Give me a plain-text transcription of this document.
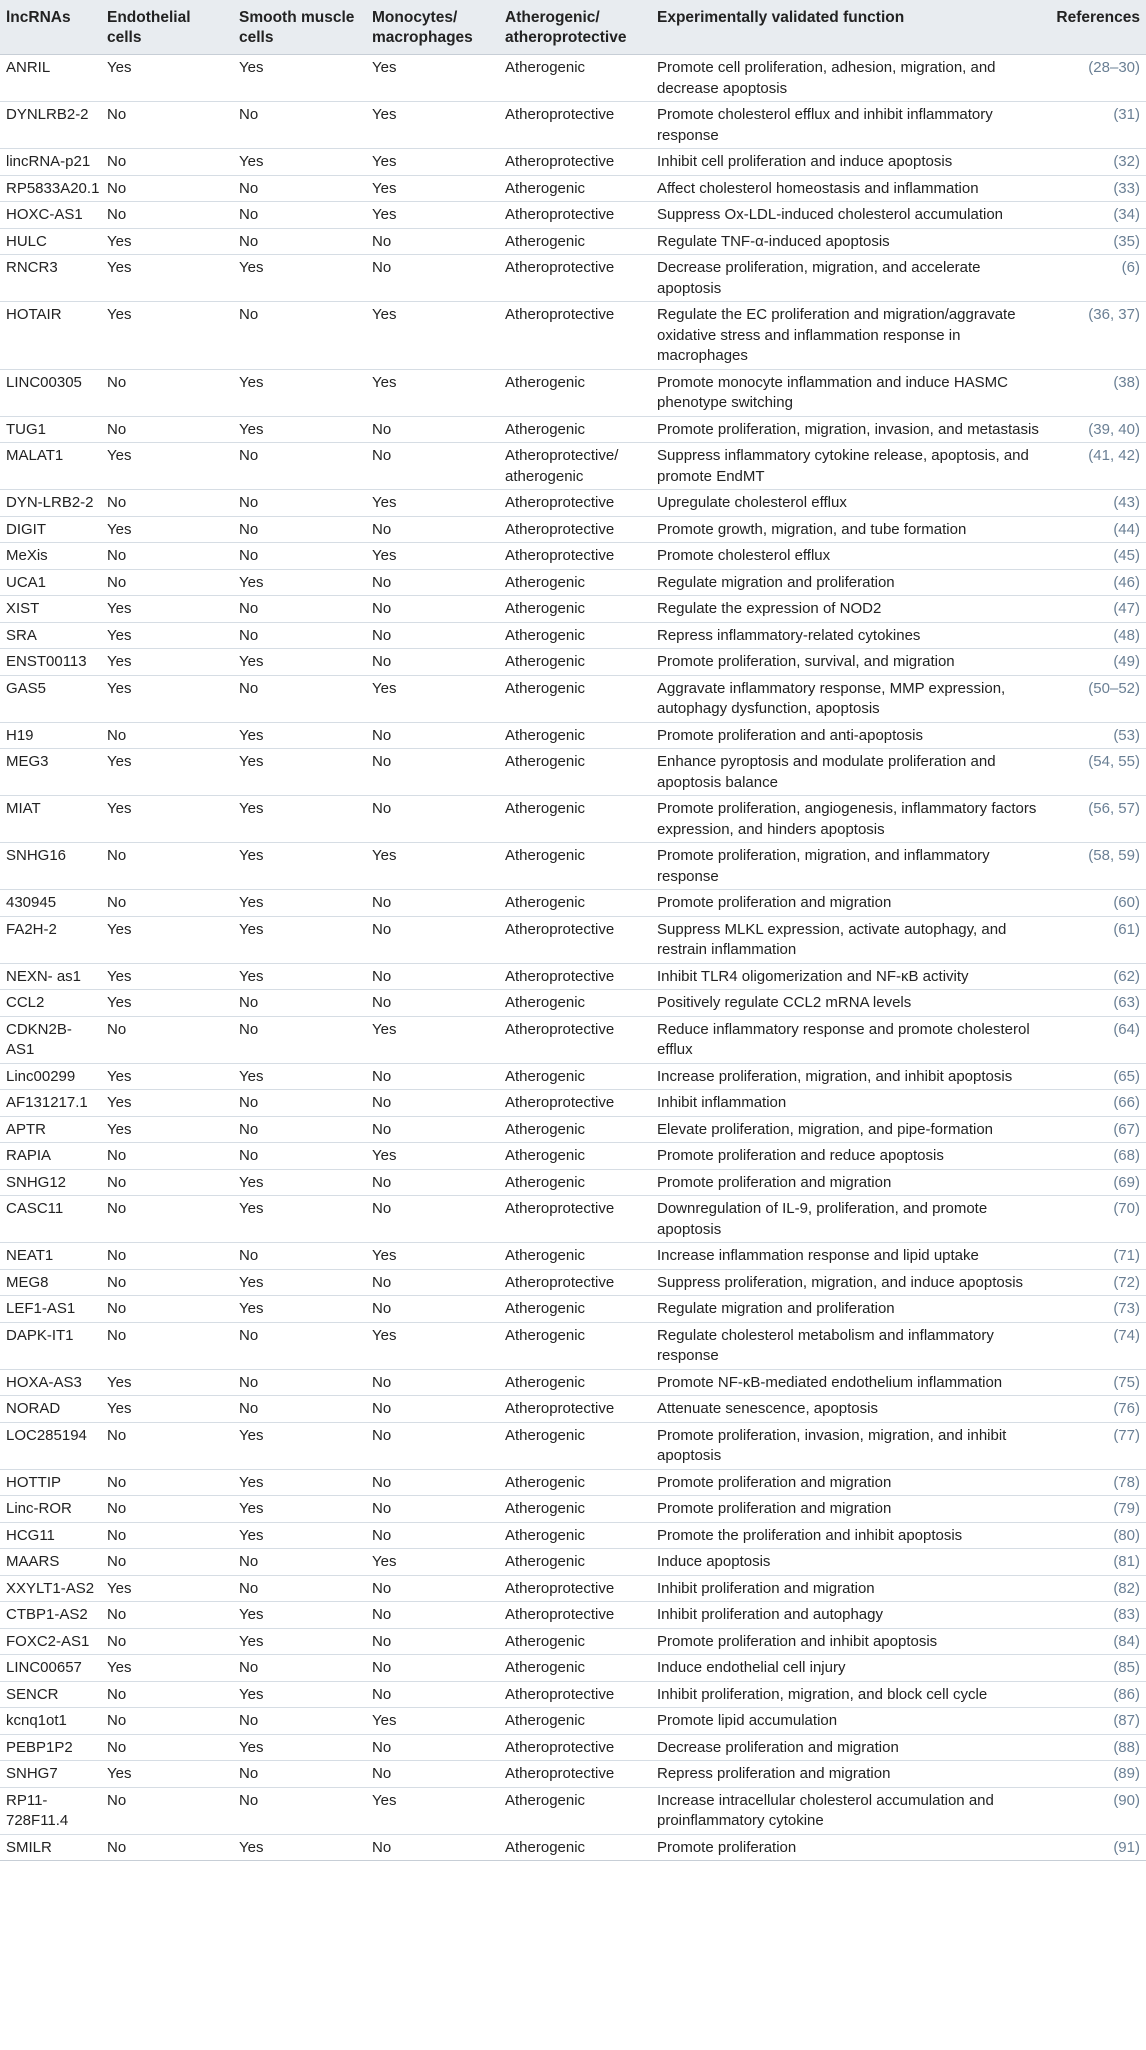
lncRNAs	Endothelial cells	Smooth muscle cells	Monocytes/ macrophages	Atherogenic/ atheroprotective	Experimentally validated function	References
ANRIL	Yes	Yes	Yes	Atherogenic	Promote cell proliferation, adhesion, migration, and decrease apoptosis	(28–30)
DYNLRB2-2	No	No	Yes	Atheroprotective	Promote cholesterol efflux and inhibit inflammatory response	(31)
lincRNA-p21	No	Yes	Yes	Atheroprotective	Inhibit cell proliferation and induce apoptosis	(32)
RP5833A20.1	No	No	Yes	Atherogenic	Affect cholesterol homeostasis and inflammation	(33)
HOXC-AS1	No	No	Yes	Atheroprotective	Suppress Ox-LDL-induced cholesterol accumulation	(34)
HULC	Yes	No	No	Atherogenic	Regulate TNF-α-induced apoptosis	(35)
RNCR3	Yes	Yes	No	Atheroprotective	Decrease proliferation, migration, and accelerate apoptosis	(6)
HOTAIR	Yes	No	Yes	Atheroprotective	Regulate the EC proliferation and migration/aggravate oxidative stress and inflammation response in macrophages	(36, 37)
LINC00305	No	Yes	Yes	Atherogenic	Promote monocyte inflammation and induce HASMC phenotype switching	(38)
TUG1	No	Yes	No	Atherogenic	Promote proliferation, migration, invasion, and metastasis	(39, 40)
MALAT1	Yes	No	No	Atheroprotective/ atherogenic	Suppress inflammatory cytokine release, apoptosis, and promote EndMT	(41, 42)
DYN-LRB2-2	No	No	Yes	Atheroprotective	Upregulate cholesterol efflux	(43)
DIGIT	Yes	No	No	Atheroprotective	Promote growth, migration, and tube formation	(44)
MeXis	No	No	Yes	Atheroprotective	Promote cholesterol efflux	(45)
UCA1	No	Yes	No	Atherogenic	Regulate migration and proliferation	(46)
XIST	Yes	No	No	Atherogenic	Regulate the expression of NOD2	(47)
SRA	Yes	No	No	Atherogenic	Repress inflammatory-related cytokines	(48)
ENST00113	Yes	Yes	No	Atherogenic	Promote proliferation, survival, and migration	(49)
GAS5	Yes	No	Yes	Atherogenic	Aggravate inflammatory response, MMP expression, autophagy dysfunction, apoptosis	(50–52)
H19	No	Yes	No	Atherogenic	Promote proliferation and anti-apoptosis	(53)
MEG3	Yes	Yes	No	Atherogenic	Enhance pyroptosis and modulate proliferation and apoptosis balance	(54, 55)
MIAT	Yes	Yes	No	Atherogenic	Promote proliferation, angiogenesis, inflammatory factors expression, and hinders apoptosis	(56, 57)
SNHG16	No	Yes	Yes	Atherogenic	Promote proliferation, migration, and inflammatory response	(58, 59)
430945	No	Yes	No	Atherogenic	Promote proliferation and migration	(60)
FA2H-2	Yes	Yes	No	Atheroprotective	Suppress MLKL expression, activate autophagy, and restrain inflammation	(61)
NEXN- as1	Yes	Yes	No	Atheroprotective	Inhibit TLR4 oligomerization and NF-κB activity	(62)
CCL2	Yes	No	No	Atherogenic	Positively regulate CCL2 mRNA levels	(63)
CDKN2B-AS1	No	No	Yes	Atheroprotective	Reduce inflammatory response and promote cholesterol efflux	(64)
Linc00299	Yes	Yes	No	Atherogenic	Increase proliferation, migration, and inhibit apoptosis	(65)
AF131217.1	Yes	No	No	Atheroprotective	Inhibit inflammation	(66)
APTR	Yes	No	No	Atherogenic	Elevate proliferation, migration, and pipe-formation	(67)
RAPIA	No	No	Yes	Atherogenic	Promote proliferation and reduce apoptosis	(68)
SNHG12	No	Yes	No	Atherogenic	Promote proliferation and migration	(69)
CASC11	No	Yes	No	Atheroprotective	Downregulation of IL-9, proliferation, and promote apoptosis	(70)
NEAT1	No	No	Yes	Atherogenic	Increase inflammation response and lipid uptake	(71)
MEG8	No	Yes	No	Atheroprotective	Suppress proliferation, migration, and induce apoptosis	(72)
LEF1-AS1	No	Yes	No	Atherogenic	Regulate migration and proliferation	(73)
DAPK-IT1	No	No	Yes	Atherogenic	Regulate cholesterol metabolism and inflammatory response	(74)
HOXA-AS3	Yes	No	No	Atherogenic	Promote NF-κB-mediated endothelium inflammation	(75)
NORAD	Yes	No	No	Atheroprotective	Attenuate senescence, apoptosis	(76)
LOC285194	No	Yes	No	Atherogenic	Promote proliferation, invasion, migration, and inhibit apoptosis	(77)
HOTTIP	No	Yes	No	Atherogenic	Promote proliferation and migration	(78)
Linc-ROR	No	Yes	No	Atherogenic	Promote proliferation and migration	(79)
HCG11	No	Yes	No	Atherogenic	Promote the proliferation and inhibit apoptosis	(80)
MAARS	No	No	Yes	Atherogenic	Induce apoptosis	(81)
XXYLT1-AS2	Yes	No	No	Atheroprotective	Inhibit proliferation and migration	(82)
CTBP1-AS2	No	Yes	No	Atheroprotective	Inhibit proliferation and autophagy	(83)
FOXC2-AS1	No	Yes	No	Atherogenic	Promote proliferation and inhibit apoptosis	(84)
LINC00657	Yes	No	No	Atherogenic	Induce endothelial cell injury	(85)
SENCR	No	Yes	No	Atheroprotective	Inhibit proliferation, migration, and block cell cycle	(86)
kcnq1ot1	No	No	Yes	Atherogenic	Promote lipid accumulation	(87)
PEBP1P2	No	Yes	No	Atheroprotective	Decrease proliferation and migration	(88)
SNHG7	Yes	No	No	Atheroprotective	Repress proliferation and migration	(89)
RP11-728F11.4	No	No	Yes	Atherogenic	Increase intracellular cholesterol accumulation and proinflammatory cytokine	(90)
SMILR	No	Yes	No	Atherogenic	Promote proliferation	(91)
